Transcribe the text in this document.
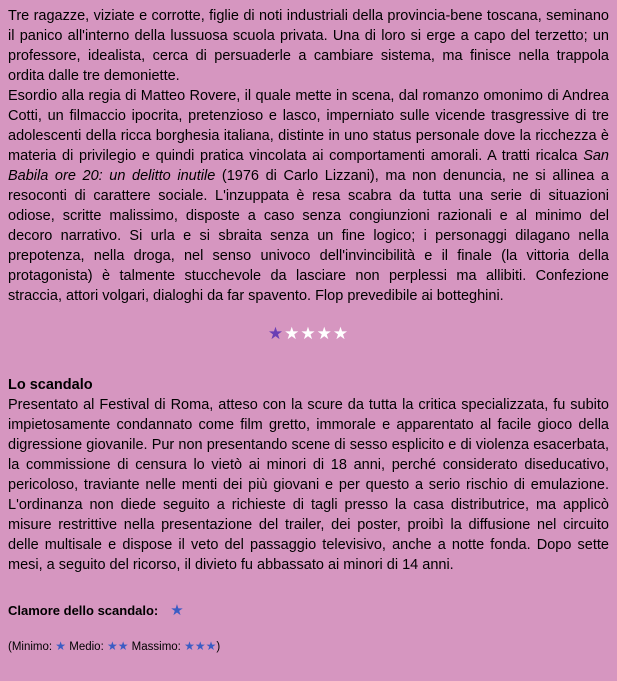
Tre ragazze, viziate e corrotte, figlie di noti industriali della provincia-bene toscana, seminano il panico all'interno della lussuosa scuola privata. Una di loro si erge a capo del terzetto; un professore, idealista, cerca di persuaderle a cambiare sistema, ma finisce nella trappola ordita dalle tre demoniette.

Esordio alla regia di Matteo Rovere, il quale mette in scena, dal romanzo omonimo di Andrea Cotti, un filmaccio ipocrita, pretenzioso e lasco, imperniato sulle vicende trasgressive di tre adolescenti della ricca borghesia italiana, distinte in uno status personale dove la ricchezza è materia di privilegio e quindi pratica vincolata ai comportamenti amorali. A tratti ricalca San Babila ore 20: un delitto inutile (1976 di Carlo Lizzani), ma non denuncia, ne si allinea a resoconti di carattere sociale. L'inzuppata è resa scabra da tutta una serie di situazioni odiose, scritte malissimo, disposte a caso senza congiunzioni razionali e al minimo del decoro narrativo. Si urla e si sbraita senza un fine logico; i personaggi dilagano nella prepotenza, nella droga, nel senso univoco dell'invincibilità e il finale (la vittoria della protagonista) è talmente stucchevole da lasciare non perplessi ma allibiti. Confezione straccia, attori volgari, dialoghi da far spavento. Flop prevedibile ai botteghini.

★★★★★
Lo scandalo

Presentato al Festival di Roma, atteso con la scure da tutta la critica specializzata, fu subito impietosamente condannato come film gretto, immorale e apparentato al facile gioco della digressione giovanile. Pur non presentando scene di sesso esplicito e di violenza esacerbata, la commissione di censura lo vietò ai minori di 18 anni, perché considerato diseducativo, pericoloso, traviante nelle menti dei più giovani e per questo a serio rischio di emulazione. L'ordinanza non diede seguito a richieste di tagli presso la casa distributrice, ma applicò misure restrittive nella presentazione del trailer, dei poster, proibì la diffusione nel circuito delle multisale e dispose il veto del passaggio televisivo, anche a notte fonda. Dopo sette mesi, a seguito del ricorso, il divieto fu abbassato ai minori di 14 anni.

Clamore dello scandalo: ★
(Minimo: ★ Medio: ★★ Massimo: ★★★)
